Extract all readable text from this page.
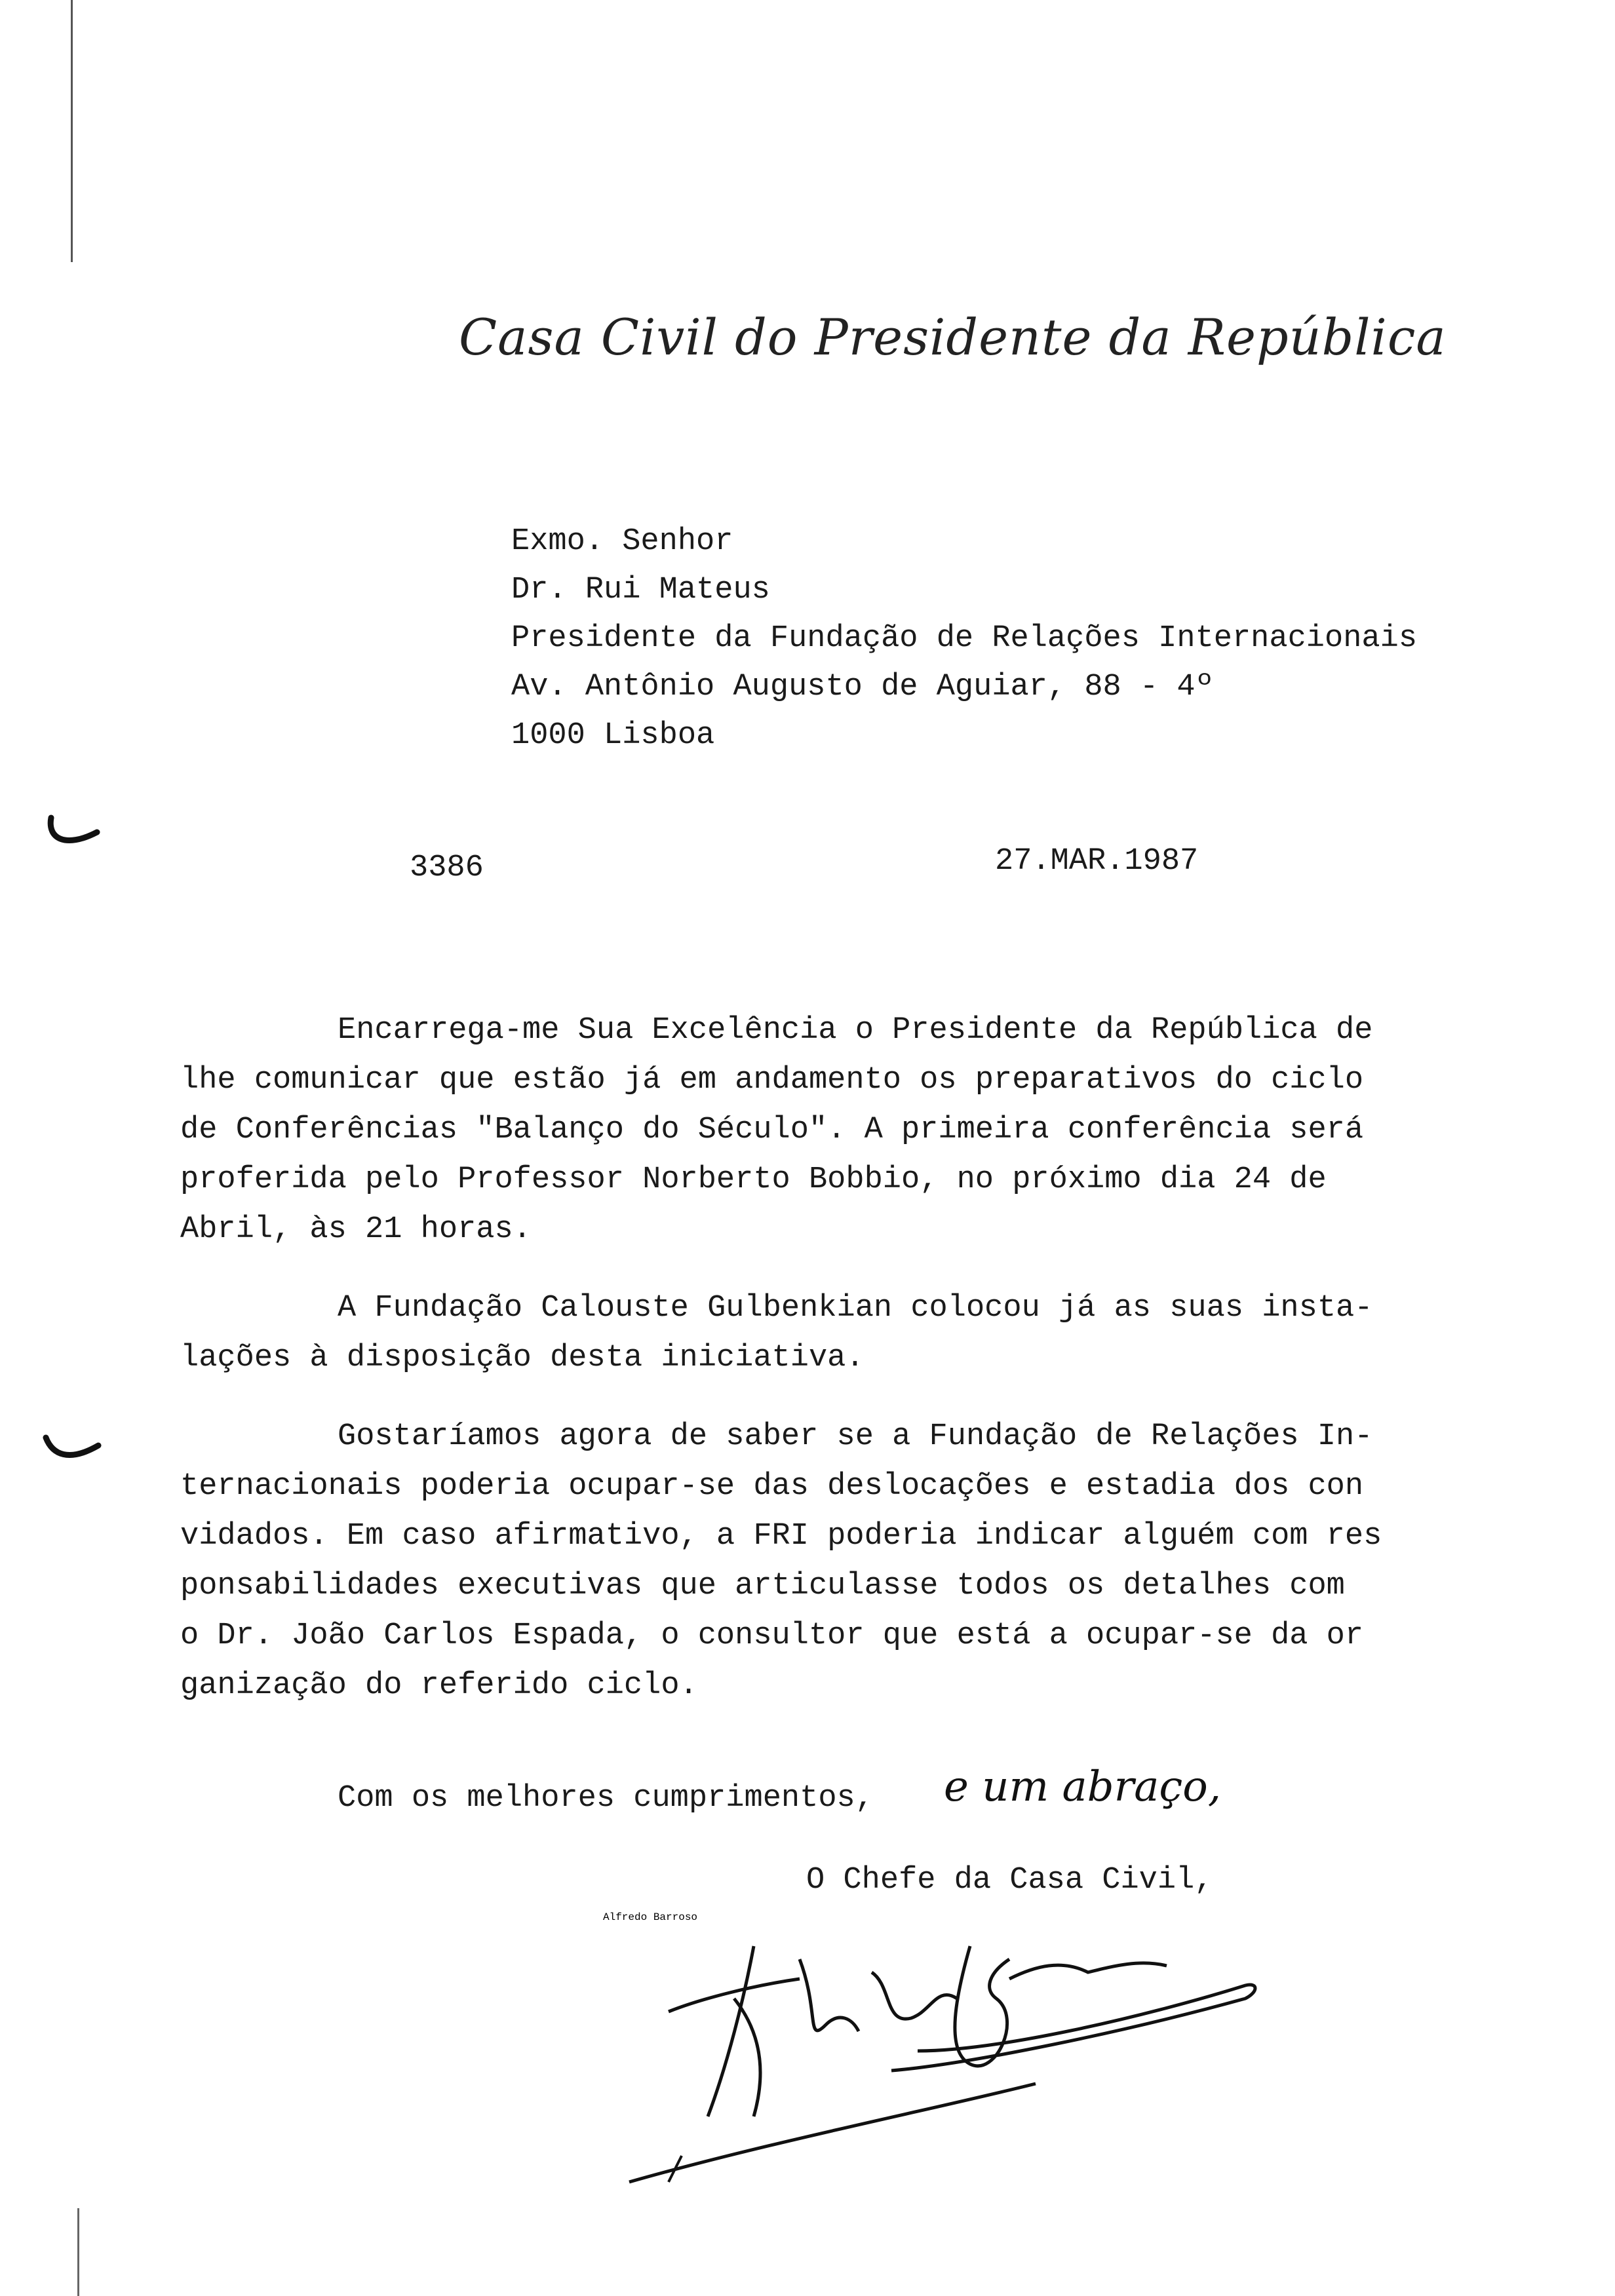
Casa Civil do Presidente da República
Exmo. Senhor
Dr. Rui Mateus
Presidente da Fundação de Relações Internacionais
Av. Antônio Augusto de Aguiar, 88 - 4º
1000 Lisboa
3386	27.MAR.1987
Encarrega-me Sua Excelência o Presidente da República de
lhe comunicar que estão já em andamento os preparativos do ciclo
de Conferências "Balanço do Século". A primeira conferência será
proferida pelo Professor Norberto Bobbio, no próximo dia 24 de
Abril, às 21 horas.
A Fundação Calouste Gulbenkian colocou já as suas insta-
lações à disposição desta iniciativa.
Gostaríamos agora de saber se a Fundação de Relações In-
ternacionais poderia ocupar-se das deslocações e estadia dos con
vidados. Em caso afirmativo, a FRI poderia indicar alguém com res
ponsabilidades executivas que articulasse todos os detalhes com
o Dr. João Carlos Espada, o consultor que está a ocupar-se da or
ganização do referido ciclo.
Com os melhores cumprimentos, e um abraço,
O Chefe da Casa Civil,
Alfredo Barroso
